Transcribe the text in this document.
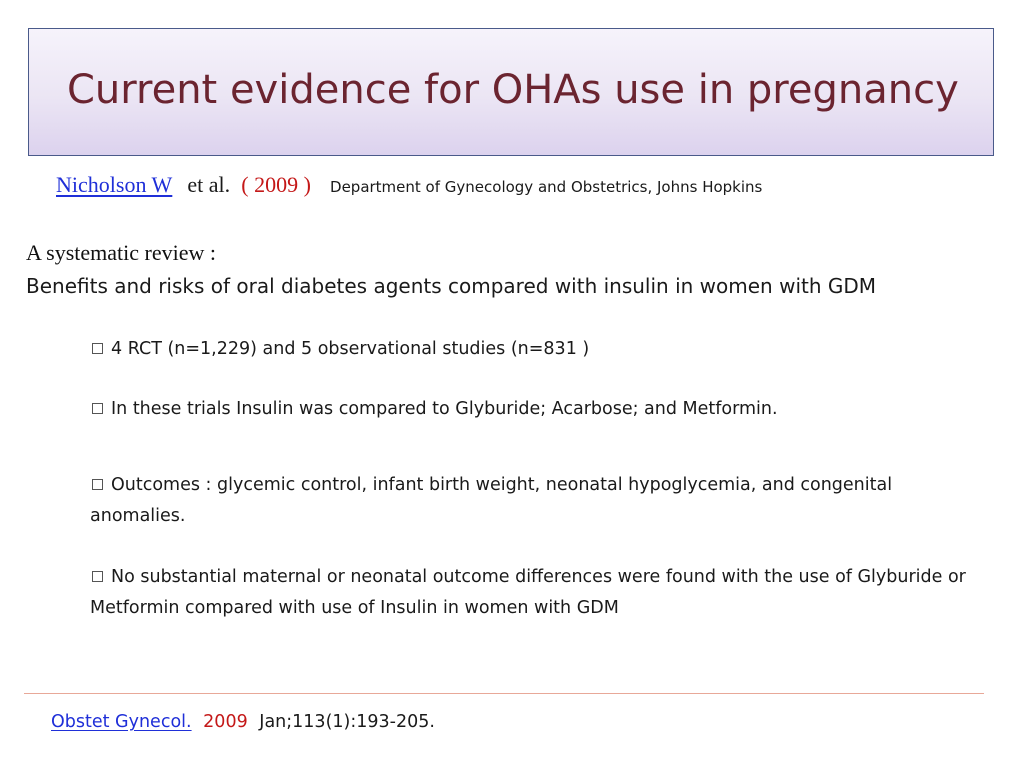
Current evidence for OHAs use in pregnancy
Nicholson W et al. ( 2009 ) Department of Gynecology and Obstetrics, Johns Hopkins
A systematic review :
Benefits and risks of oral diabetes agents compared with insulin in women with GDM
4 RCT (n=1,229) and 5 observational studies (n=831 )
In these trials Insulin was compared to Glyburide; Acarbose; and Metformin.
Outcomes : glycemic control, infant birth weight, neonatal hypoglycemia, and congenital anomalies.
No substantial maternal or neonatal outcome differences were found with the use of Glyburide or Metformin compared with use of Insulin in women with GDM
Obstet Gynecol. 2009 Jan;113(1):193-205.
